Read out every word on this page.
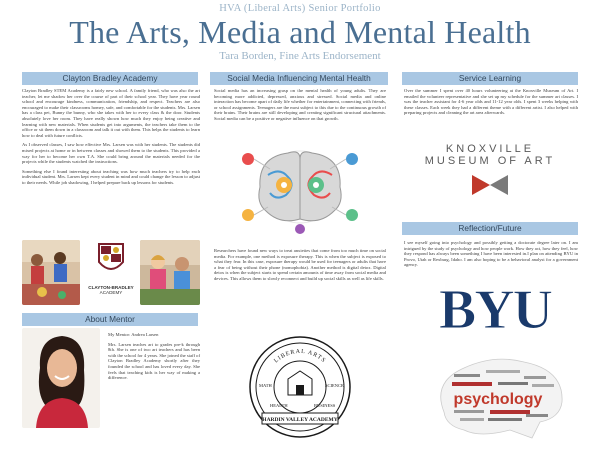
HVA (Liberal Arts) Senior Portfolio
The Arts, Media and Mental Health
Tara Borden, Fine Arts Endorsement
Clayton Bradley Academy

Clayton Bradley STEM Academy is a fairly new school. A family friend, who was also the art teacher, let me shadow her over the course of part of their school year. They have year round school and encourage kindness, communication, friendship, and respect. Teachers are also encouraged to make their classrooms homey, safe, and comfortable for the students. Mrs. Larsen has a class pet, Bunny the bunny, who she takes with her to every class & the door. Students absolutely love her room. They have really shown how much they enjoy being creative and learning with new materials. When students get into arguments, the teachers take them to the office or sit them down in a classroom and talk it out with them. This helps the students to learn how to deal with future conflicts.

As I observed classes, I saw how effective Mrs. Larsen was with her students. The students did mixed projects at home or in between classes and showed them to the students. This provided a way for her to become her own T.A. She could bring around the materials needed for the projects while the students watched the instructions.

Something else I found interesting about teaching was how much teachers try to help each individual student. Mrs. Larsen kept every student in mind and could change the lesson to adjust to their needs. While job shadowing, I helped prepare back up lessons for students.

CLAYTON-BRADLEY
ACADEMY
About Mentor

My Mentor: Andrea Larsen

Mrs. Larsen teaches art to grades pre-k through 8th. She is one of two art teachers and has been with the school for 4 years. She joined the staff of Clayton Bradley Academy shortly after they founded the school and has loved every day. She feels that teaching kids is her way of making a difference.

Social Media Influencing Mental Health

Social media has an increasing grasp on the mental health of young adults. They are becoming more addicted, depressed, anxious and stressed. Social media and online interaction has become apart of daily life whether for entertainment, connecting with friends, or school assignments. Teenagers are the most subject to this due to the continuous growth of their brains. Their brains are still developing and creating significant structural attachments. Social media can be a positive or negative influence on that growth.

Researchers have found new ways to treat anxieties that come from too much time on social media. For example, one method is exposure therapy. This is when the subject is exposed to what they fear. In this case, exposure therapy would be used for teenagers or adults that have a fear of being without their phone (nomophobia). Another method is digital detox. Digital detox is when the subject starts to spend certain amounts of time away from social media and devices. This allows them to slowly reconnect and build up social skills as well as life skills.

LIBERAL ARTS
MATH	SCIENCE
HEALTH	BUSINESS
HARDIN VALLEY ACADEMY
Service Learning

Over the summer I spent over 40 hours volunteering at the Knoxville Museum of Art. I emailed the volunteer representative and she set up my schedule for the summer art classes. I was the teacher assistant for 4-6 year olds and 11-12 year olds. I spent 3 weeks helping with these classes. Each week they had a different theme with a different artist. I also helped with preparing projects and cleaning the art area afterwards.

KNOXVILLE
MUSEUM OF ART
Reflection/Future

I see myself going into psychology and possibly getting a doctorate degree later on. I am intrigued by the study of psychology and how people work. How they act, how they feel, how they respond has always been something I have been interested in.I plan on attending BYU in Provo, Utah or Rexburg, Idaho. I am also hoping to be a behavioral analyst for a government agency.

BYU
psychology
